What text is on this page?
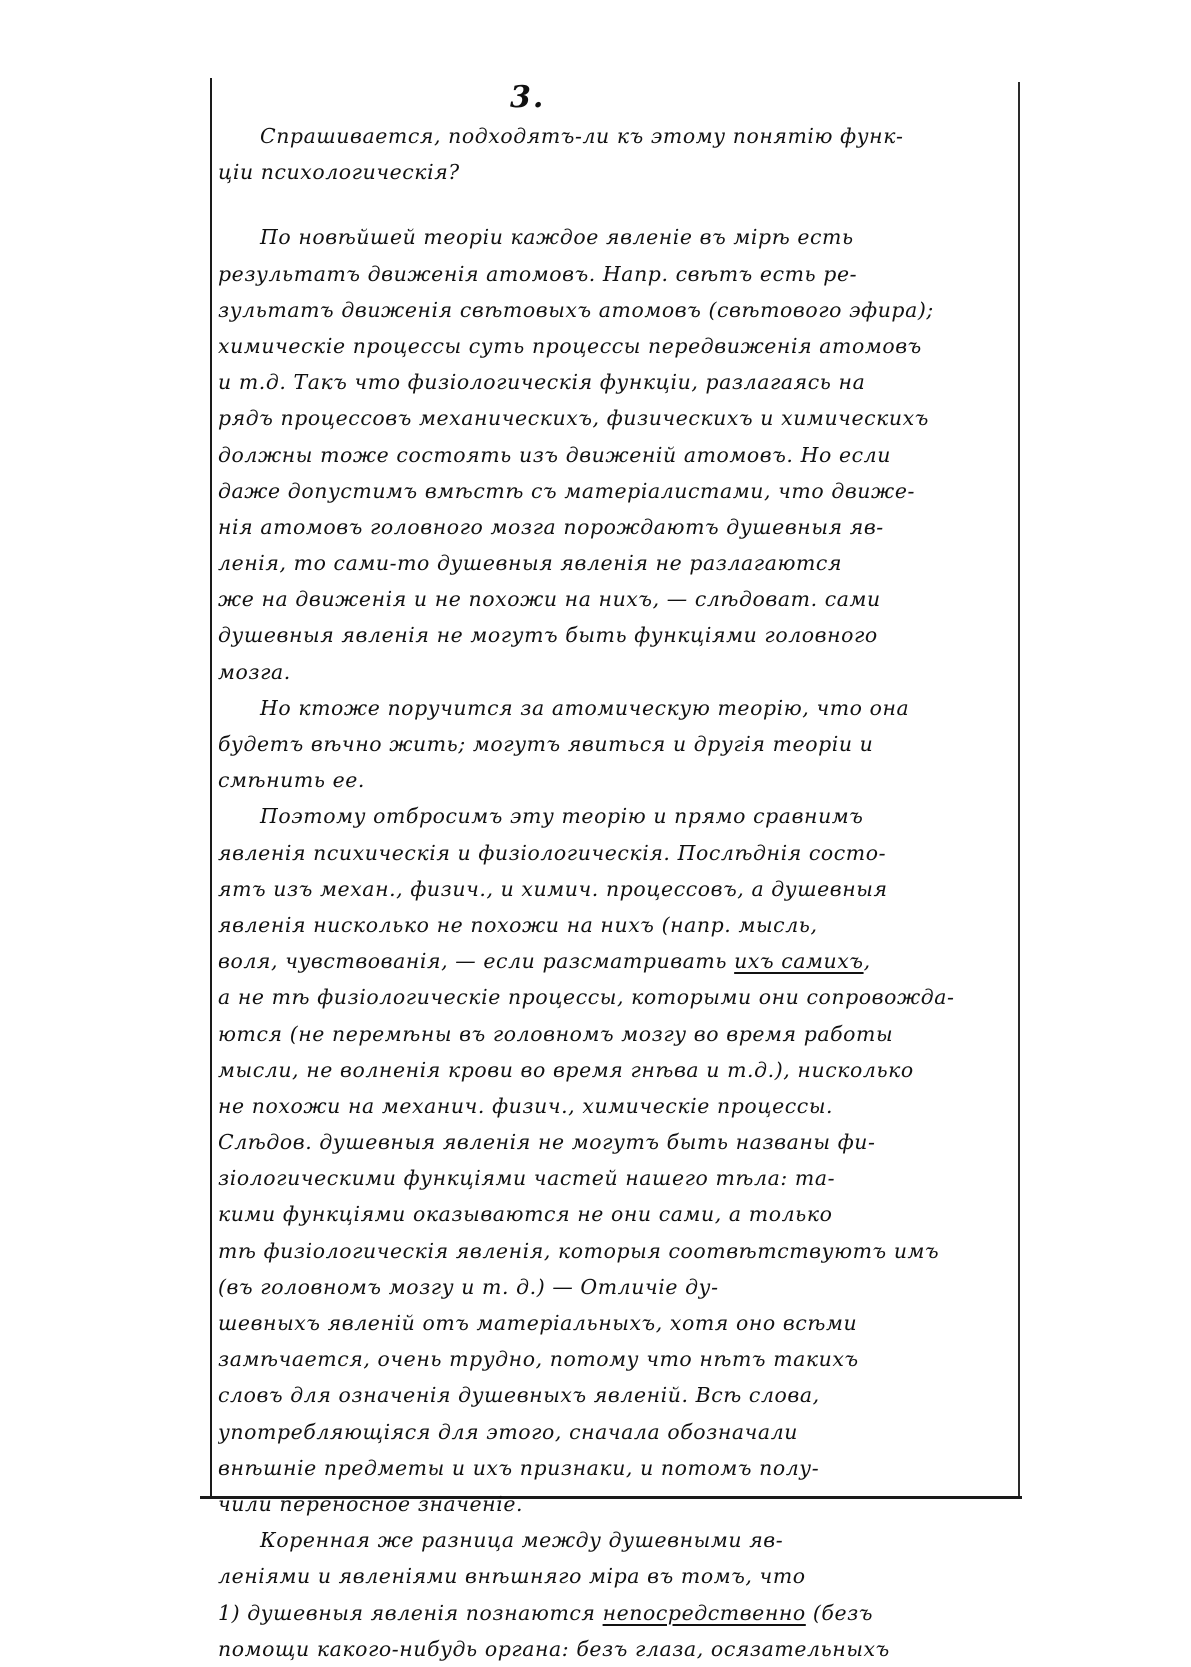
3.
Спрашивается, подходятъ-ли къ этому понятію функ-
ціи психологическія?
По новѣйшей теоріи каждое явленіе въ мірѣ есть
результатъ движенія атомовъ. Напр. свѣтъ есть ре-
зультатъ движенія свѣтовыхъ атомовъ (свѣтового эфира);
химическіе процессы суть процессы передвиженія атомовъ
и т.д. Такъ что физіологическія функціи, разлагаясь на
рядъ процессовъ механическихъ, физическихъ и химическихъ
должны тоже состоять изъ движеній атомовъ. Но если
даже допустимъ вмѣстѣ съ матеріалистами, что движе-
нія атомовъ головного мозга порождаютъ душевныя яв-
ленія, то сами-то душевныя явленія не разлагаются
же на движенія и не похожи на нихъ, — слѣдоват. сами
душевныя явленія не могутъ быть функціями головного
мозга.
Но ктоже поручится за атомическую теорію, что она
будетъ вѣчно жить; могутъ явиться и другія теоріи и
смѣнить ее.
Поэтому отбросимъ эту теорію и прямо сравнимъ
явленія психическія и физіологическія. Послѣднія состо-
ятъ изъ механ., физич., и химич. процессовъ, а душевныя
явленія нисколько не похожи на нихъ (напр. мысль,
воля, чувствованія, — если разсматривать ихъ самихъ,
а не тѣ физіологическіе процессы, которыми они сопровожда-
ются (не перемѣны въ головномъ мозгу во время работы
мысли, не волненія крови во время гнѣва и т.д.), нисколько
не похожи на механич. физич., химическіе процессы.
Слѣдов. душевныя явленія не могутъ быть названы фи-
зіологическими функціями частей нашего тѣла: та-
кими функціями оказываются не они сами, а только
тѣ физіологическія явленія, которыя соотвѣтствуютъ имъ
(въ головномъ мозгу и т. д.) — Отличіе ду-
шевныхъ явленій отъ матеріальныхъ, хотя оно всѣми
замѣчается, очень трудно, потому что нѣтъ такихъ
словъ для означенія душевныхъ явленій. Всѣ слова,
употребляющіяся для этого, сначала обозначали
внѣшніе предметы и ихъ признаки, и потомъ полу-
чили переносное значеніе.
Коренная же разница между душевными яв-
леніями и явленіями внѣшняго міра въ томъ, что
1) душевныя явленія познаются непосредственно (безъ
помощи какого-нибудь органа: безъ глаза, осязательныхъ
